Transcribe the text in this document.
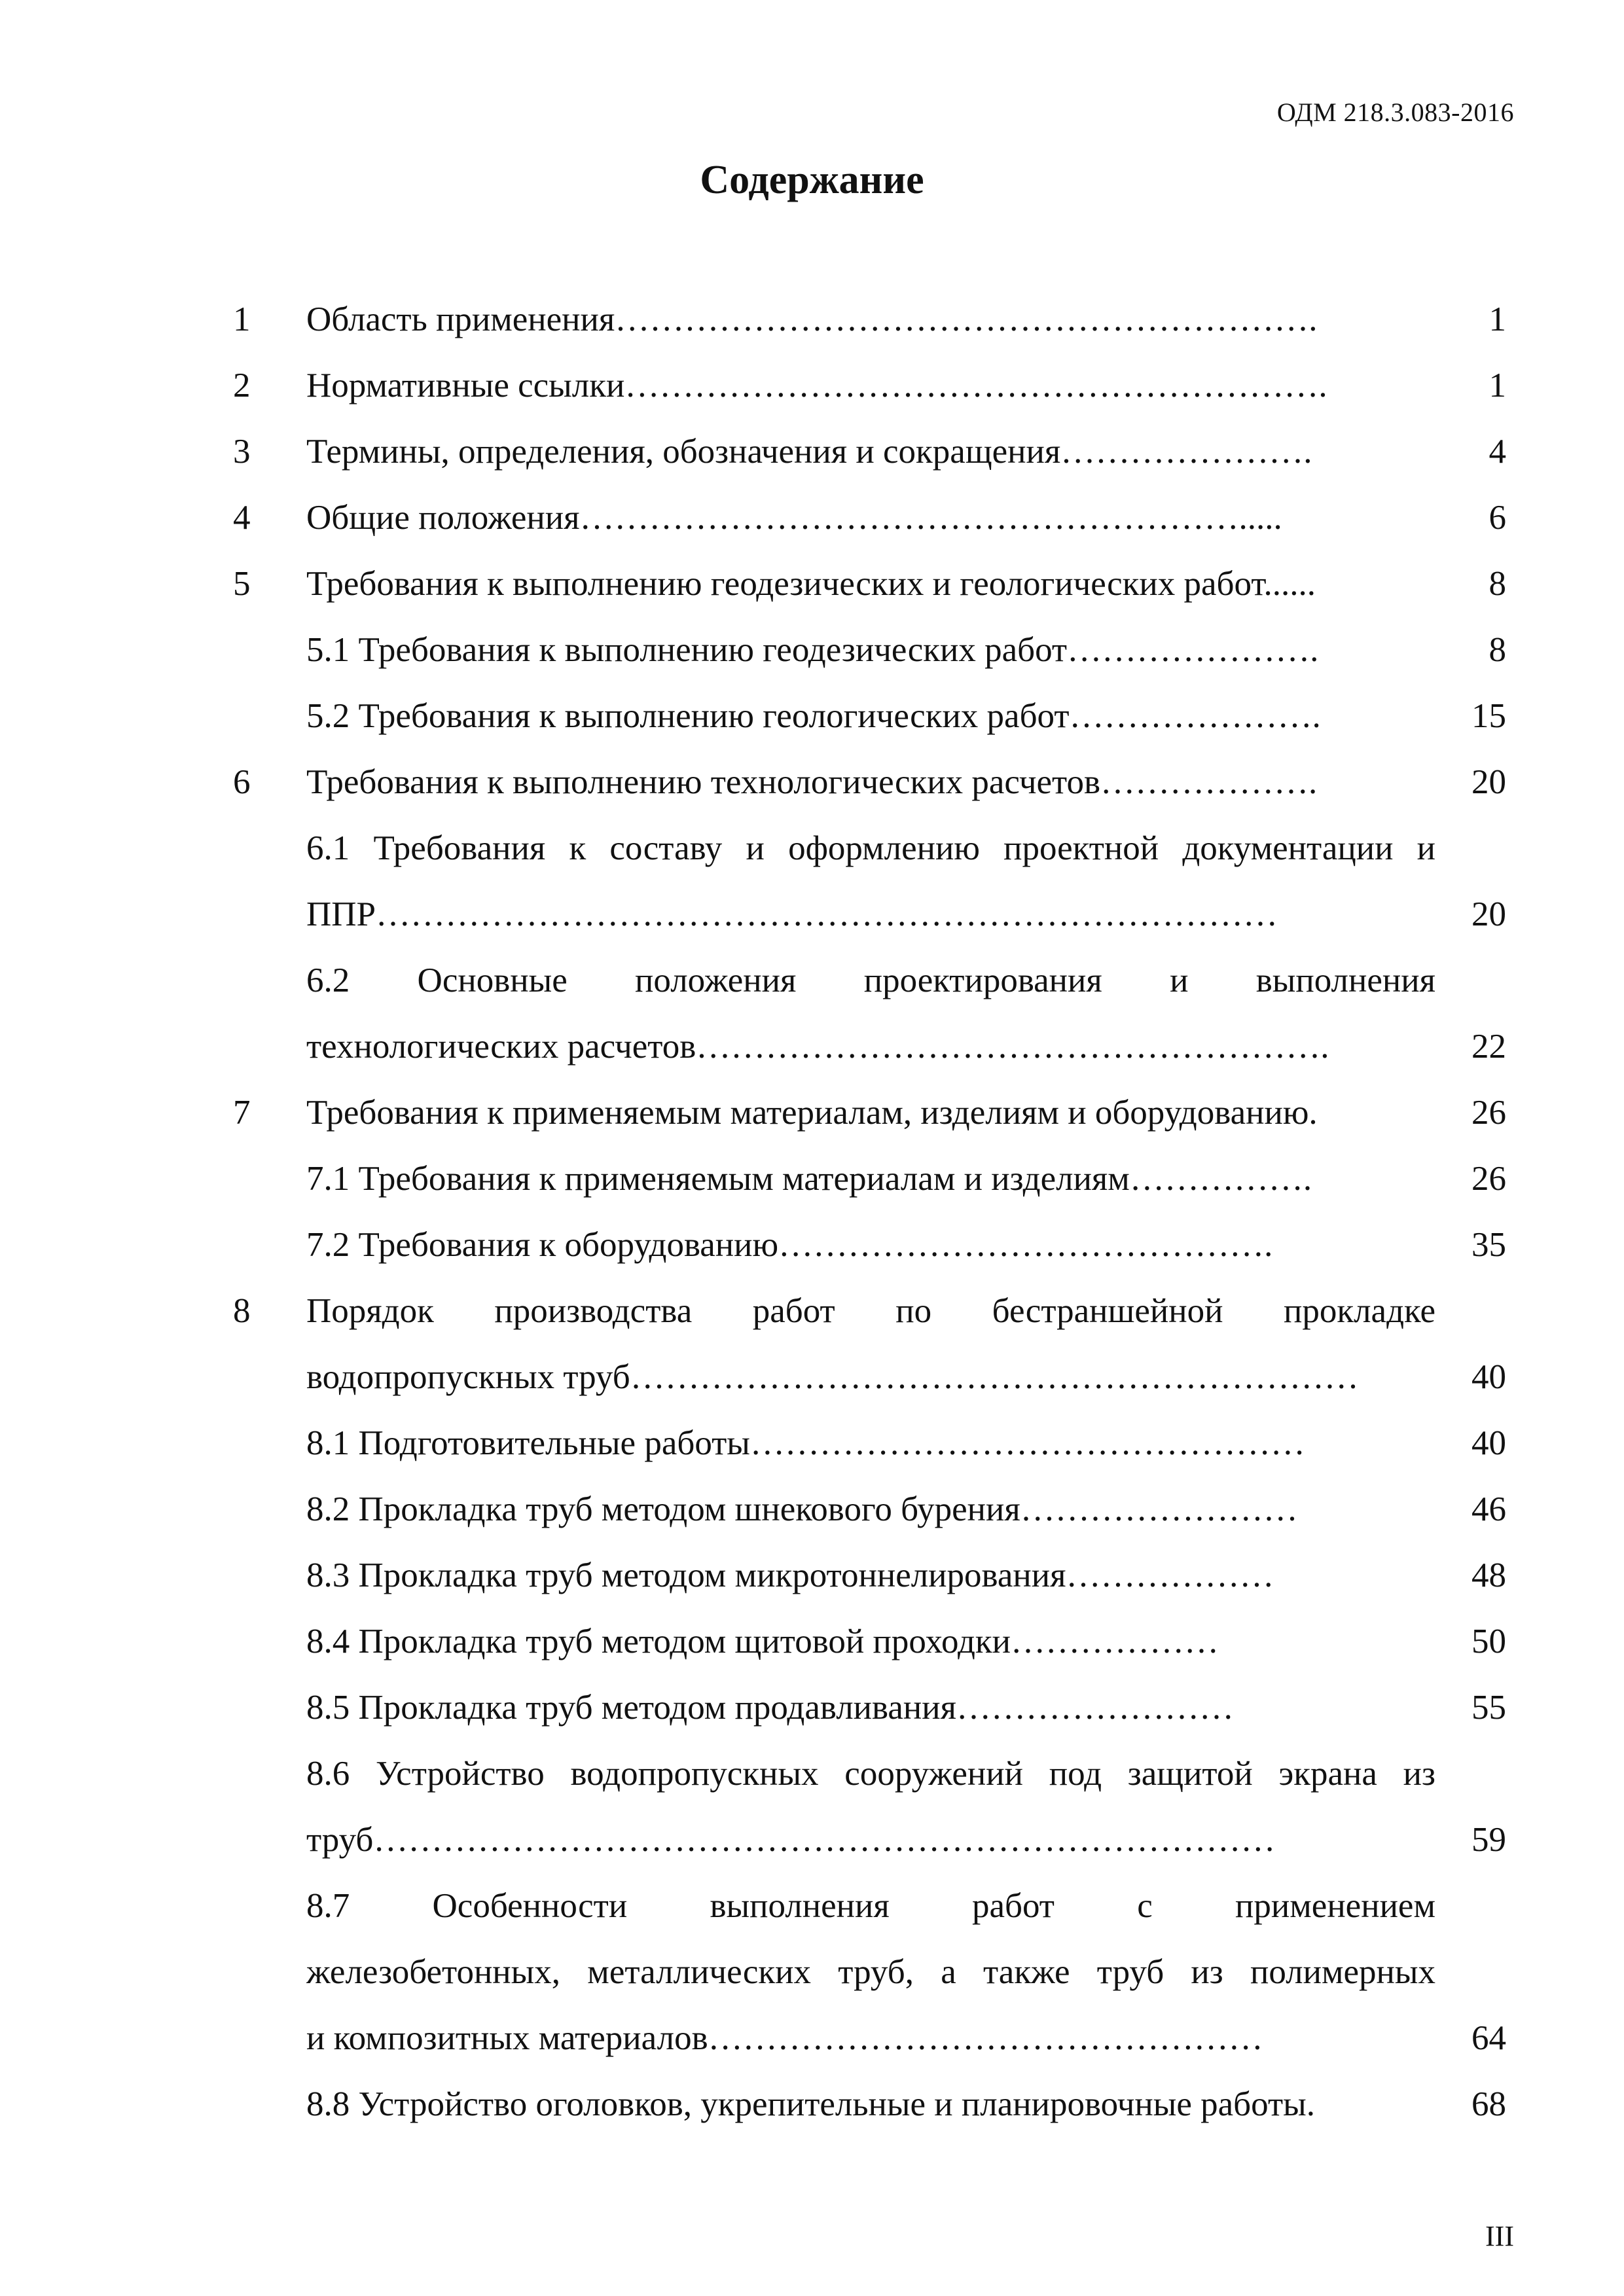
ОДМ 218.3.083-2016
Содержание
1 Область применения…………………………………………………….	1
2 Нормативные ссылки…………………………………………………….	1
3 Термины, определения, обозначения и сокращения………………….	4
4 Общие положения………………………………………………….....	6
5 Требования к выполнению геодезических и геологических работ......	8
5.1 Требования к выполнению геодезических работ………………….	8
5.2 Требования к выполнению геологических работ………………….	15
6 Требования к выполнению технологических расчетов……………….	20
6.1 Требования к составу и оформлению проектной документации и
ППР……………………………………………………………………	20
6.2 Основные положения проектирования и выполнения
технологических расчетов……………………………………………….	22
7 Требования к применяемым материалам, изделиям и оборудованию.	26
7.1 Требования к применяемым материалам и изделиям…………….	26
7.2 Требования к оборудованию…………………………………….	35
8 Порядок производства работ по бестраншейной прокладке
водопропускных труб………………………………………………………	40
8.1 Подготовительные работы…………………………………………	40
8.2 Прокладка труб методом шнекового бурения……………………	46
8.3 Прокладка труб методом микротоннелирования………………	48
8.4 Прокладка труб методом щитовой проходки………………	50
8.5 Прокладка труб методом продавливания……………………	55
8.6 Устройство водопропускных сооружений под защитой экрана из
труб……………………………………………………………………	59
8.7 Особенности выполнения работ с применением
железобетонных, металлических труб, а также труб из полимерных
и композитных материалов…………………………………………	64
8.8 Устройство оголовков, укрепительные и планировочные работы.	68
III
